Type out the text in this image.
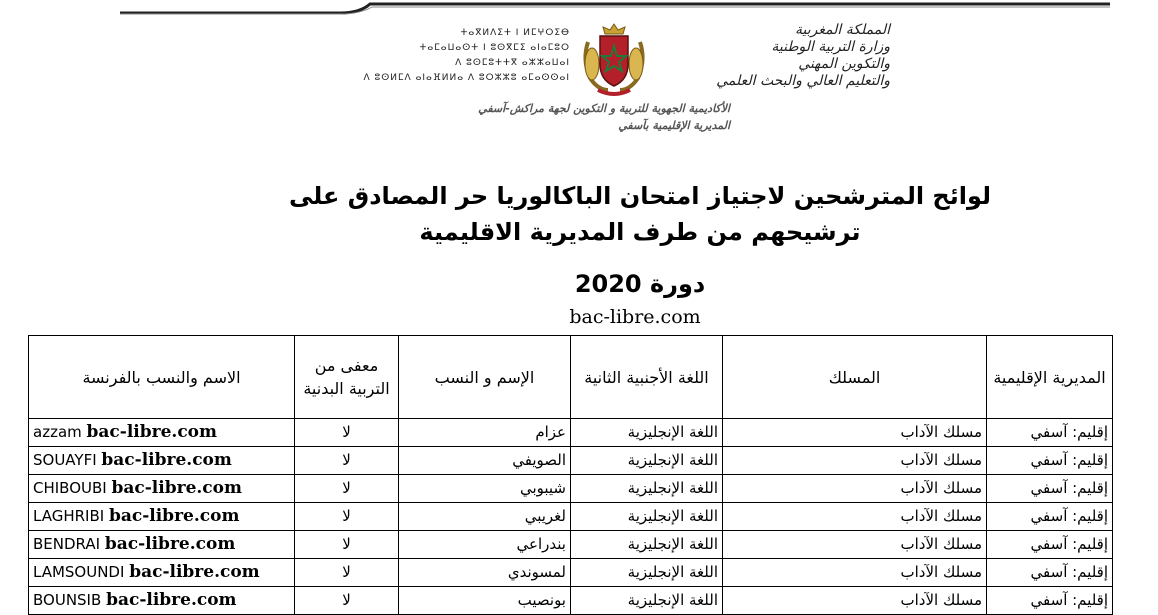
ⵜⴰⴳⵍⴷⵉⵜ ⵏ ⵍⵎⵖⵔⵉⴱ
ⵜⴰⵎⴰⵡⴰⵙⵜ ⵏ ⵓⵙⴳⵎⵉ ⴰⵏⴰⵎⵓⵔ
ⴷ ⵓⵙⵎⵓⵜⵜⴳ ⴰⵣⵣⴰⵡⴰⵏ
ⴷ ⵓⵙⵍⵎⴷ ⴰⵏⴰⴼⵍⵍⴰ ⴷ ⵓⵔⵣⵣⵓ ⴰⵎⴰⵙⵙⴰⵏ
المملكة المغربية
وزارة التربية الوطنية
والتكوين المهني
والتعليم العالي والبحث العلمي
الأكاديمية الجهوية للتربية و التكوين لجهة مراكش-آسفي
المديرية الإقليمية بآسفي
لوائح المترشحين لاجتياز امتحان الباكالوريا حر المصادق على
ترشيحهم من طرف المديرية الاقليمية
دورة 2020
bac-libre.com
المديرية الإقليمية	المسلك	اللغة الأجنبية الثانية	الإسم و النسب	معفى من التربية البدنية	الاسم والنسب بالفرنسة
إقليم: آسفي	مسلك الآداب	اللغة الإنجليزية	عزام	لا	azzam bac-libre.com
إقليم: آسفي	مسلك الآداب	اللغة الإنجليزية	الصويفي	لا	SOUAYFI bac-libre.com
إقليم: آسفي	مسلك الآداب	اللغة الإنجليزية	شيبوبي	لا	CHIBOUBI bac-libre.com
إقليم: آسفي	مسلك الآداب	اللغة الإنجليزية	لغريبي	لا	LAGHRIBI bac-libre.com
إقليم: آسفي	مسلك الآداب	اللغة الإنجليزية	بندراعي	لا	BENDRAI bac-libre.com
إقليم: آسفي	مسلك الآداب	اللغة الإنجليزية	لمسوندي	لا	LAMSOUNDI bac-libre.com
إقليم: آسفي	مسلك الآداب	اللغة الإنجليزية	بونصيب	لا	BOUNSIB bac-libre.com
